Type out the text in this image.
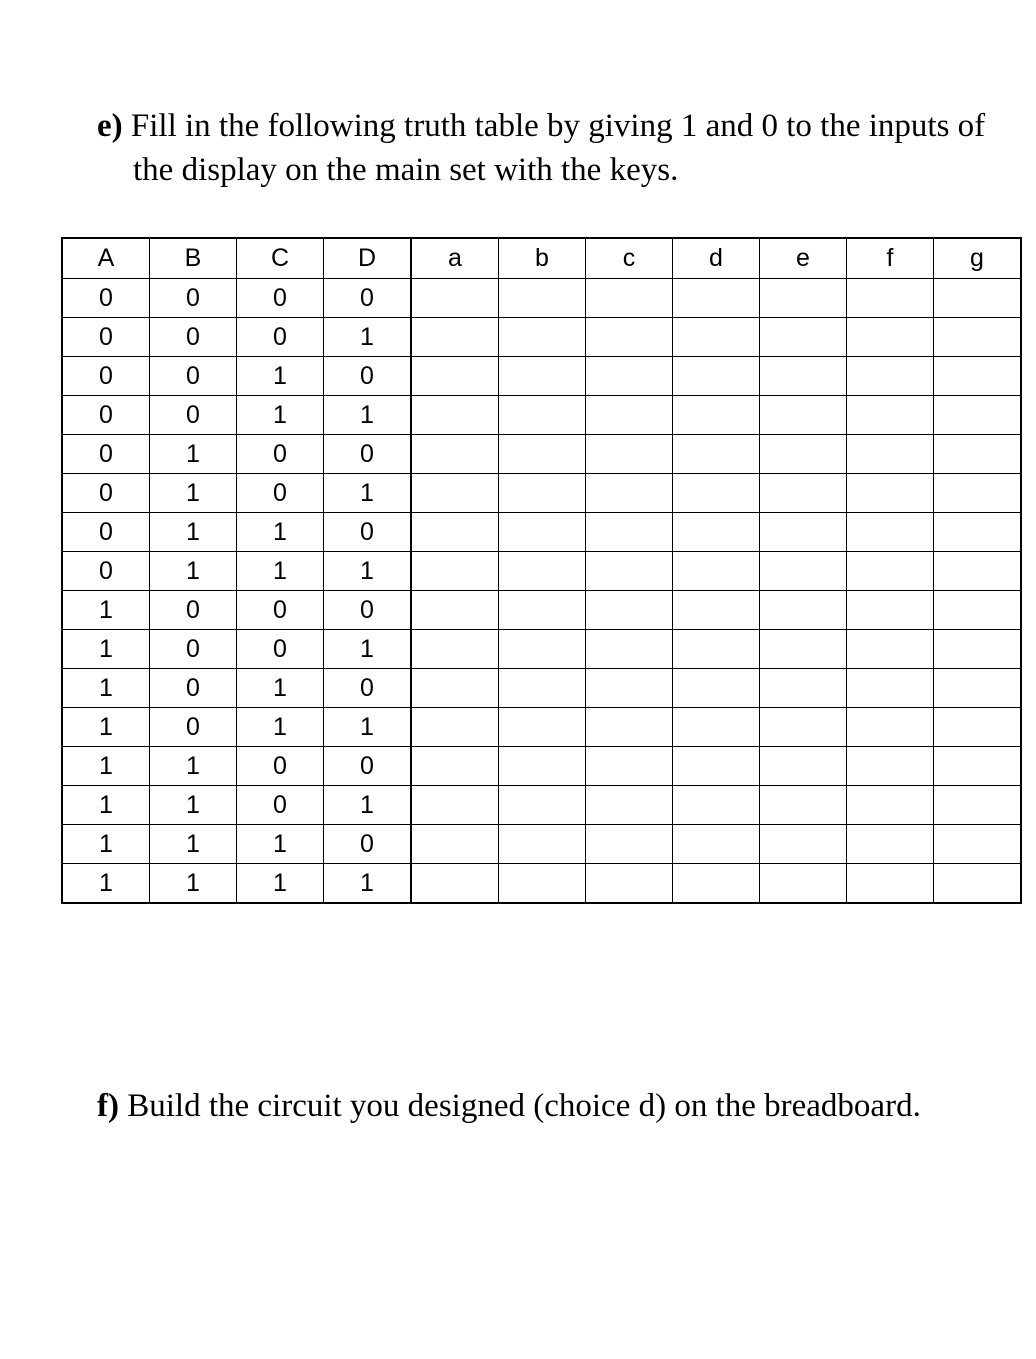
e) Fill in the following truth table by giving 1 and 0 to the inputs of the display on the main set with the keys.
A	B	C	D	a	b	c	d	e	f	g
0	0	0	0							
0	0	0	1							
0	0	1	0							
0	0	1	1							
0	1	0	0							
0	1	0	1							
0	1	1	0							
0	1	1	1							
1	0	0	0							
1	0	0	1							
1	0	1	0							
1	0	1	1							
1	1	0	0							
1	1	0	1							
1	1	1	0							
1	1	1	1							
f) Build the circuit you designed (choice d) on the breadboard.
